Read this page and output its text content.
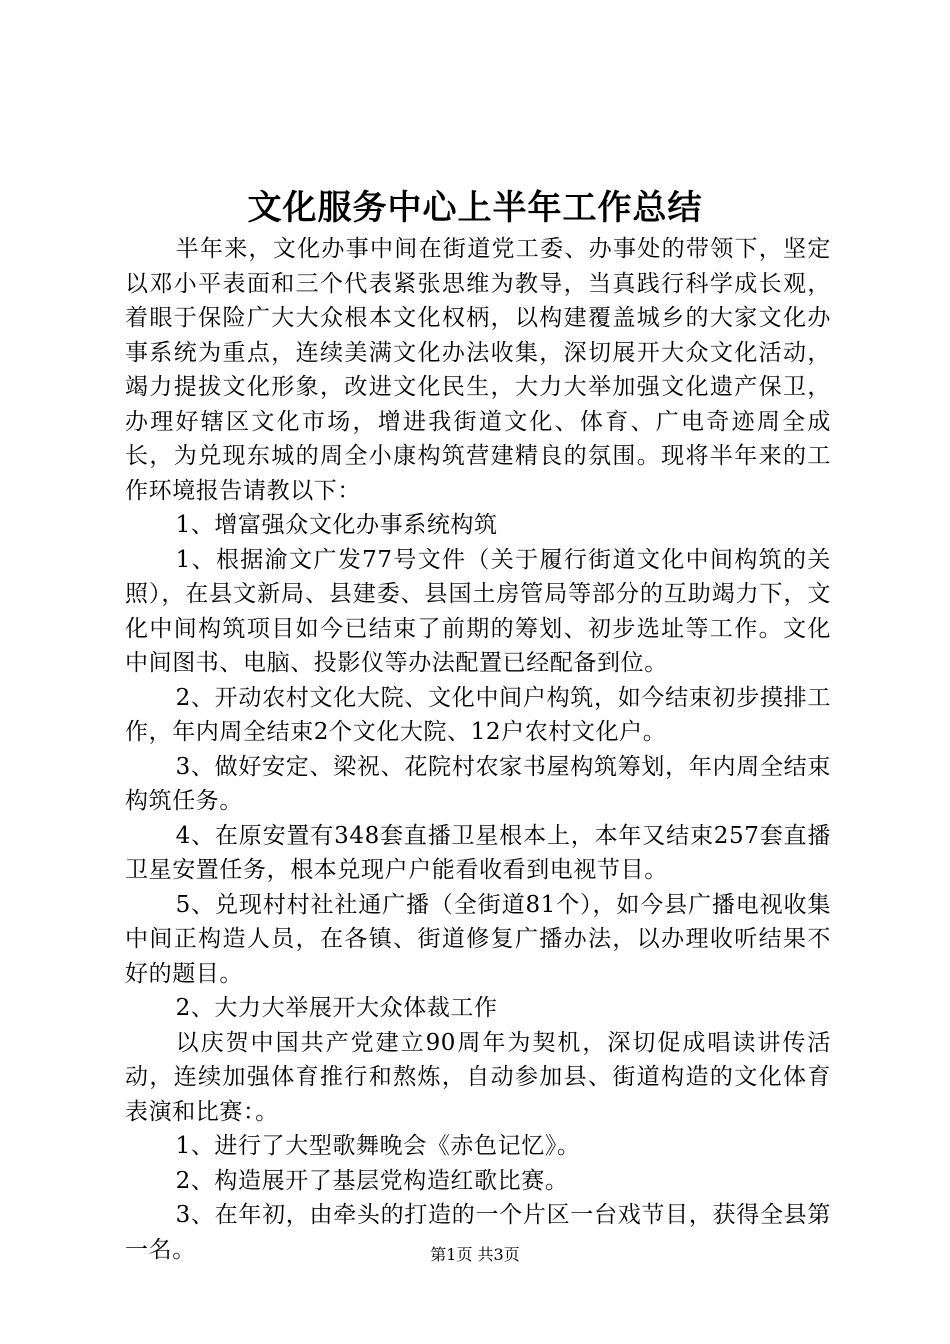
文化服务中心上半年工作总结

半年来，文化办事中间在街道党工委、办事处的带领下，坚定以邓小平表面和三个代表紧张思维为教导，当真践行科学成长观，着眼于保险广大大众根本文化权柄，以构建覆盖城乡的大家文化办事系统为重点，连续美满文化办法收集，深切展开大众文化活动，竭力提拔文化形象，改进文化民生，大力大举加强文化遗产保卫，办理好辖区文化市场，增进我街道文化、体育、广电奇迹周全成长，为兑现东城的周全小康构筑营建精良的氛围。现将半年来的工作环境报告请教以下：

1、增富强众文化办事系统构筑

1、根据渝文广发77号文件（关于履行街道文化中间构筑的关照），在县文新局、县建委、县国土房管局等部分的互助竭力下，文化中间构筑项目如今已结束了前期的筹划、初步选址等工作。文化中间图书、电脑、投影仪等办法配置已经配备到位。

2、开动农村文化大院、文化中间户构筑，如今结束初步摸排工作，年内周全结束2个文化大院、12户农村文化户。

3、做好安定、梁祝、花院村农家书屋构筑筹划，年内周全结束构筑任务。

4、在原安置有348套直播卫星根本上，本年又结束257套直播卫星安置任务，根本兑现户户能看收看到电视节目。

5、兑现村村社社通广播（全街道81个），如今县广播电视收集中间正构造人员，在各镇、街道修复广播办法，以办理收听结果不好的题目。

2、大力大举展开大众体裁工作

以庆贺中国共产党建立90周年为契机，深切促成唱读讲传活动，连续加强体育推行和熬炼，自动参加县、街道构造的文化体育表演和比赛：。

1、进行了大型歌舞晚会《赤色记忆》。

2、构造展开了基层党构造红歌比赛。

3、在年初，由牵头的打造的一个片区一台戏节目，获得全县第一名。	第1页 共3页
